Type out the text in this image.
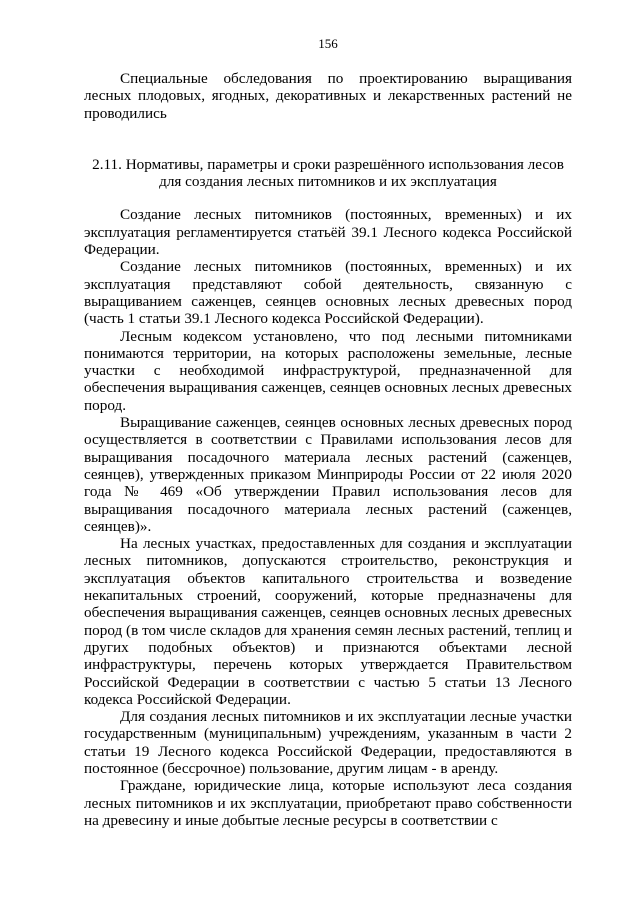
156

Специальные обследования по проектированию выращивания лесных плодовых, ягодных, декоративных и лекарственных растений не проводились

2.11. Нормативы, параметры и сроки разрешённого использования лесов для создания лесных питомников и их эксплуатация

Создание лесных питомников (постоянных, временных) и их эксплуатация регламентируется статьёй 39.1 Лесного кодекса Российской Федерации.

Создание лесных питомников (постоянных, временных) и их эксплуатация представляют собой деятельность, связанную с выращиванием саженцев, сеянцев основных лесных древесных пород (часть 1 статьи 39.1 Лесного кодекса Российской Федерации).

Лесным кодексом установлено, что под лесными питомниками понимаются территории, на которых расположены земельные, лесные участки с необходимой инфраструктурой, предназначенной для обеспечения выращивания саженцев, сеянцев основных лесных древесных пород.

Выращивание саженцев, сеянцев основных лесных древесных пород осуществляется в соответствии с Правилами использования лесов для выращивания посадочного материала лесных растений (саженцев, сеянцев), утвержденных приказом Минприроды России от 22 июля 2020 года № 469 «Об утверждении Правил использования лесов для выращивания посадочного материала лесных растений (саженцев, сеянцев)».

На лесных участках, предоставленных для создания и эксплуатации лесных питомников, допускаются строительство, реконструкция и эксплуатация объектов капитального строительства и возведение некапитальных строений, сооружений, которые предназначены для обеспечения выращивания саженцев, сеянцев основных лесных древесных пород (в том числе складов для хранения семян лесных растений, теплиц и других подобных объектов) и признаются объектами лесной инфраструктуры, перечень которых утверждается Правительством Российской Федерации в соответствии с частью 5 статьи 13 Лесного кодекса Российской Федерации.

Для создания лесных питомников и их эксплуатации лесные участки государственным (муниципальным) учреждениям, указанным в части 2 статьи 19 Лесного кодекса Российской Федерации, предоставляются в постоянное (бессрочное) пользование, другим лицам - в аренду.

Граждане, юридические лица, которые используют леса создания лесных питомников и их эксплуатации, приобретают право собственности на древесину и иные добытые лесные ресурсы в соответствии с
